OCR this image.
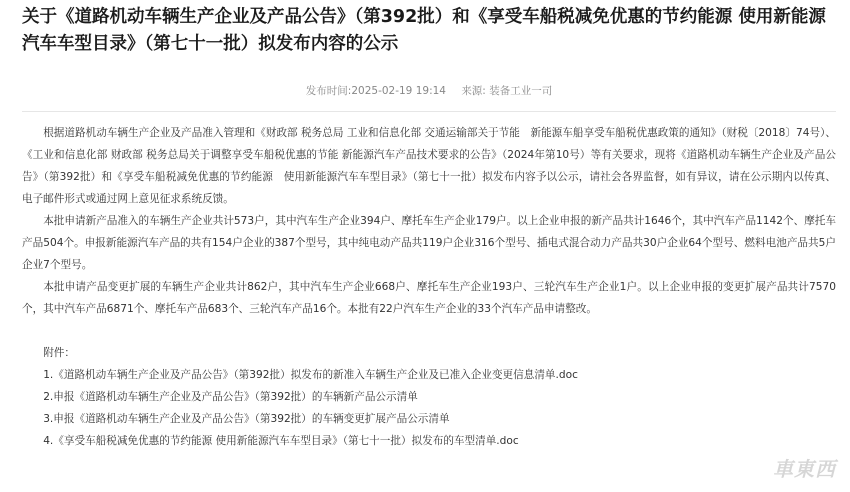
关于《道路机动车辆生产企业及产品公告》（第392批）和《享受车船税减免优惠的节约能源 使用新能源汽车车型目录》（第七十一批）拟发布内容的公示
发布时间:2025-02-19 19:14 来源: 装备工业一司

根据道路机动车辆生产企业及产品准入管理和《财政部 税务总局 工业和信息化部 交通运输部关于节能　新能源车船享受车船税优惠政策的通知》（财税〔2018〕74号）、《工业和信息化部 财政部 税务总局关于调整享受车船税优惠的节能 新能源汽车产品技术要求的公告》（2024年第10号）等有关要求，现将《道路机动车辆生产企业及产品公告》（第392批）和《享受车船税减免优惠的节约能源　使用新能源汽车车型目录》（第七十一批）拟发布内容予以公示，请社会各界监督，如有异议，请在公示期内以传真、电子邮件形式或通过网上意见征求系统反馈。

本批申请新产品准入的车辆生产企业共计573户，其中汽车生产企业394户、摩托车生产企业179户。以上企业申报的新产品共计1646个，其中汽车产品1142个、摩托车产品504个。申报新能源汽车产品的共有154户企业的387个型号，其中纯电动产品共119户企业316个型号、插电式混合动力产品共30户企业64个型号、燃料电池产品共5户企业7个型号。

本批申请产品变更扩展的车辆生产企业共计862户，其中汽车生产企业668户、摩托车生产企业193户、三轮汽车生产企业1户。以上企业申报的变更扩展产品共计7570个，其中汽车产品6871个、摩托车产品683个、三轮汽车产品16个。本批有22户汽车生产企业的33个汽车产品申请整改。

附件：
1.《道路机动车辆生产企业及产品公告》（第392批）拟发布的新准入车辆生产企业及已准入企业变更信息清单.doc
2.申报《道路机动车辆生产企业及产品公告》（第392批）的车辆新产品公示清单
3.申报《道路机动车辆生产企业及产品公告》（第392批）的车辆变更扩展产品公示清单
4.《享受车船税减免优惠的节约能源 使用新能源汽车车型目录》（第七十一批）拟发布的车型清单.doc
車東西
